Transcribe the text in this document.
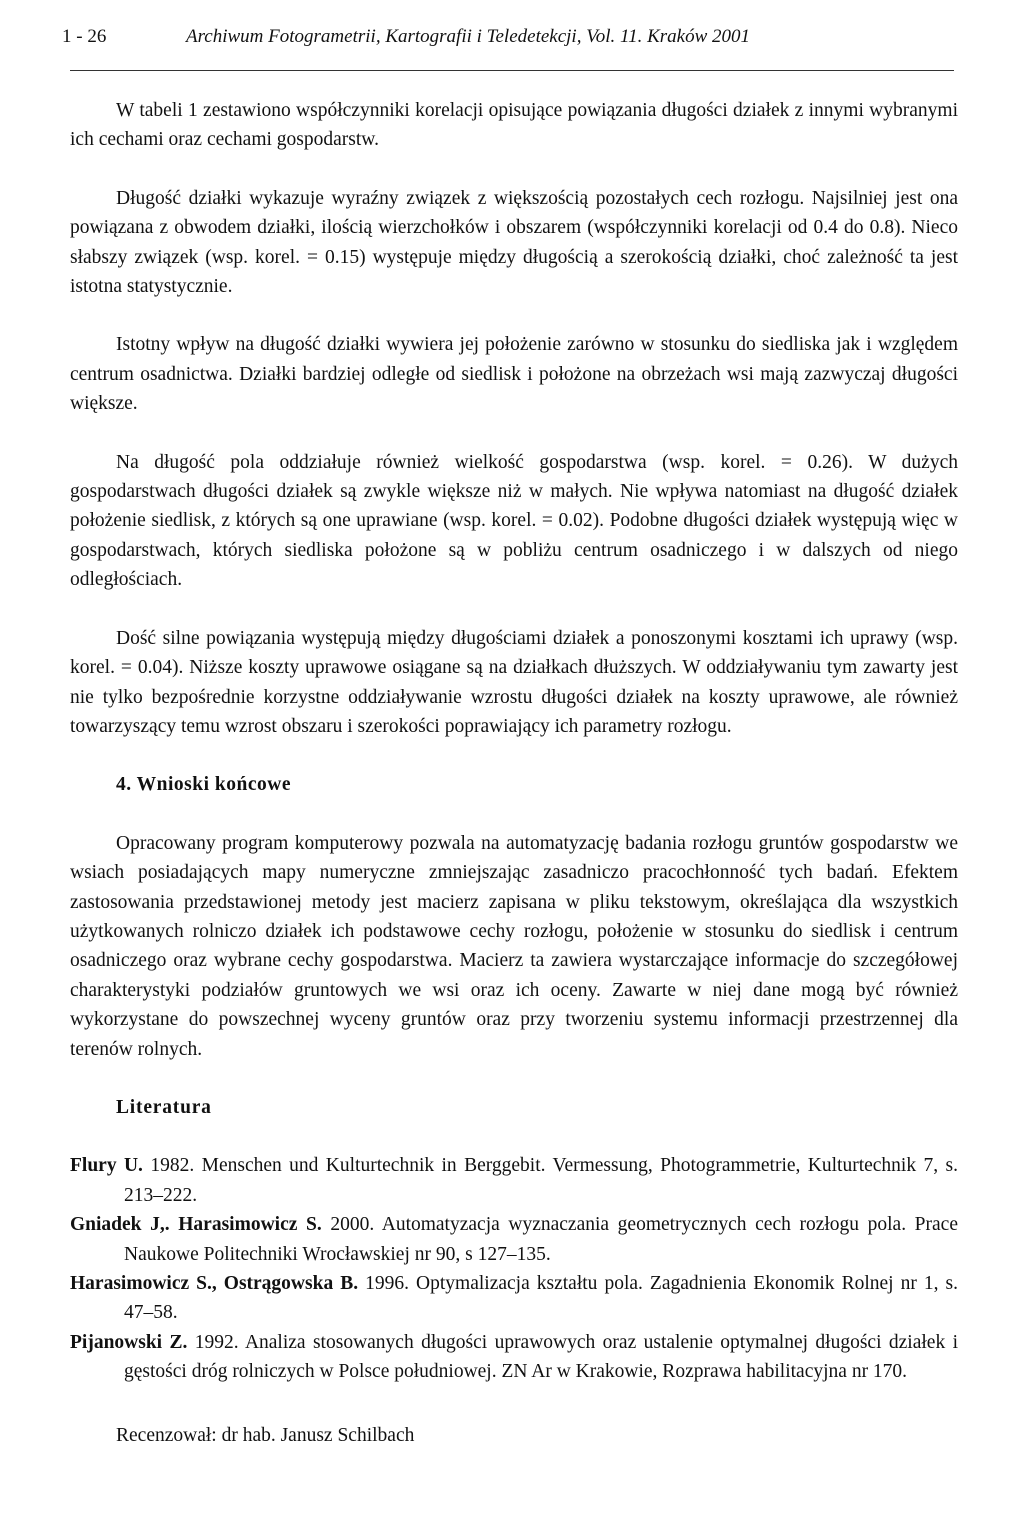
1 - 26	Archiwum Fotogrametrii, Kartografii i Teledetekcji, Vol. 11. Kraków 2001

W tabeli 1 zestawiono współczynniki korelacji opisujące powiązania długości działek z innymi wybranymi ich cechami oraz cechami gospodarstw.

Długość działki wykazuje wyraźny związek z większością pozostałych cech rozłogu. Najsilniej jest ona powiązana z obwodem działki, ilością wierzchołków i obszarem (współczynniki korelacji od 0.4 do 0.8). Nieco słabszy związek (wsp. korel. = 0.15) występuje między długością a szerokością działki, choć zależność ta jest istotna statystycznie.

Istotny wpływ na długość działki wywiera jej położenie zarówno w stosunku do siedliska jak i względem centrum osadnictwa. Działki bardziej odległe od siedlisk i położone na obrzeżach wsi mają zazwyczaj długości większe.

Na długość pola oddziałuje również wielkość gospodarstwa (wsp. korel. = 0.26). W dużych gospodarstwach długości działek są zwykle większe niż w małych. Nie wpływa natomiast na długość działek położenie siedlisk, z których są one uprawiane (wsp. korel. = 0.02). Podobne długości działek występują więc w gospodarstwach, których siedliska położone są w pobliżu centrum osadniczego i w dalszych od niego odległościach.

Dość silne powiązania występują między długościami działek a ponoszonymi kosztami ich uprawy (wsp. korel. = 0.04). Niższe koszty uprawowe osiągane są na działkach dłuższych. W oddziaływaniu tym zawarty jest nie tylko bezpośrednie korzystne oddziaływanie wzrostu długości działek na koszty uprawowe, ale również towarzyszący temu wzrost obszaru i szerokości poprawiający ich parametry rozłogu.

4. Wnioski końcowe

Opracowany program komputerowy pozwala na automatyzację badania rozłogu gruntów gospodarstw we wsiach posiadających mapy numeryczne zmniejszając zasadniczo pracochłonność tych badań. Efektem zastosowania przedstawionej metody jest macierz zapisana w pliku tekstowym, określająca dla wszystkich użytkowanych rolniczo działek ich podstawowe cechy rozłogu, położenie w stosunku do siedlisk i centrum osadniczego oraz wybrane cechy gospodarstwa. Macierz ta zawiera wystarczające informacje do szczegółowej charakterystyki podziałów gruntowych we wsi oraz ich oceny. Zawarte w niej dane mogą być również wykorzystane do powszechnej wyceny gruntów oraz przy tworzeniu systemu informacji przestrzennej dla terenów rolnych.

Literatura
Flury U. 1982. Menschen und Kulturtechnik in Berggebit. Vermessung, Photogrammetrie, Kulturtechnik 7, s. 213–222.
Gniadek J,. Harasimowicz S. 2000. Automatyzacja wyznaczania geometrycznych cech rozłogu pola. Prace Naukowe Politechniki Wrocławskiej nr 90, s 127–135.
Harasimowicz S., Ostrągowska B. 1996. Optymalizacja kształtu pola. Zagadnienia Ekonomik Rolnej nr 1, s. 47–58.
Pijanowski Z. 1992. Analiza stosowanych długości uprawowych oraz ustalenie optymalnej długości działek i gęstości dróg rolniczych w Polsce południowej. ZN Ar w Krakowie, Rozprawa habilitacyjna nr 170.

Recenzował: dr hab. Janusz Schilbach
